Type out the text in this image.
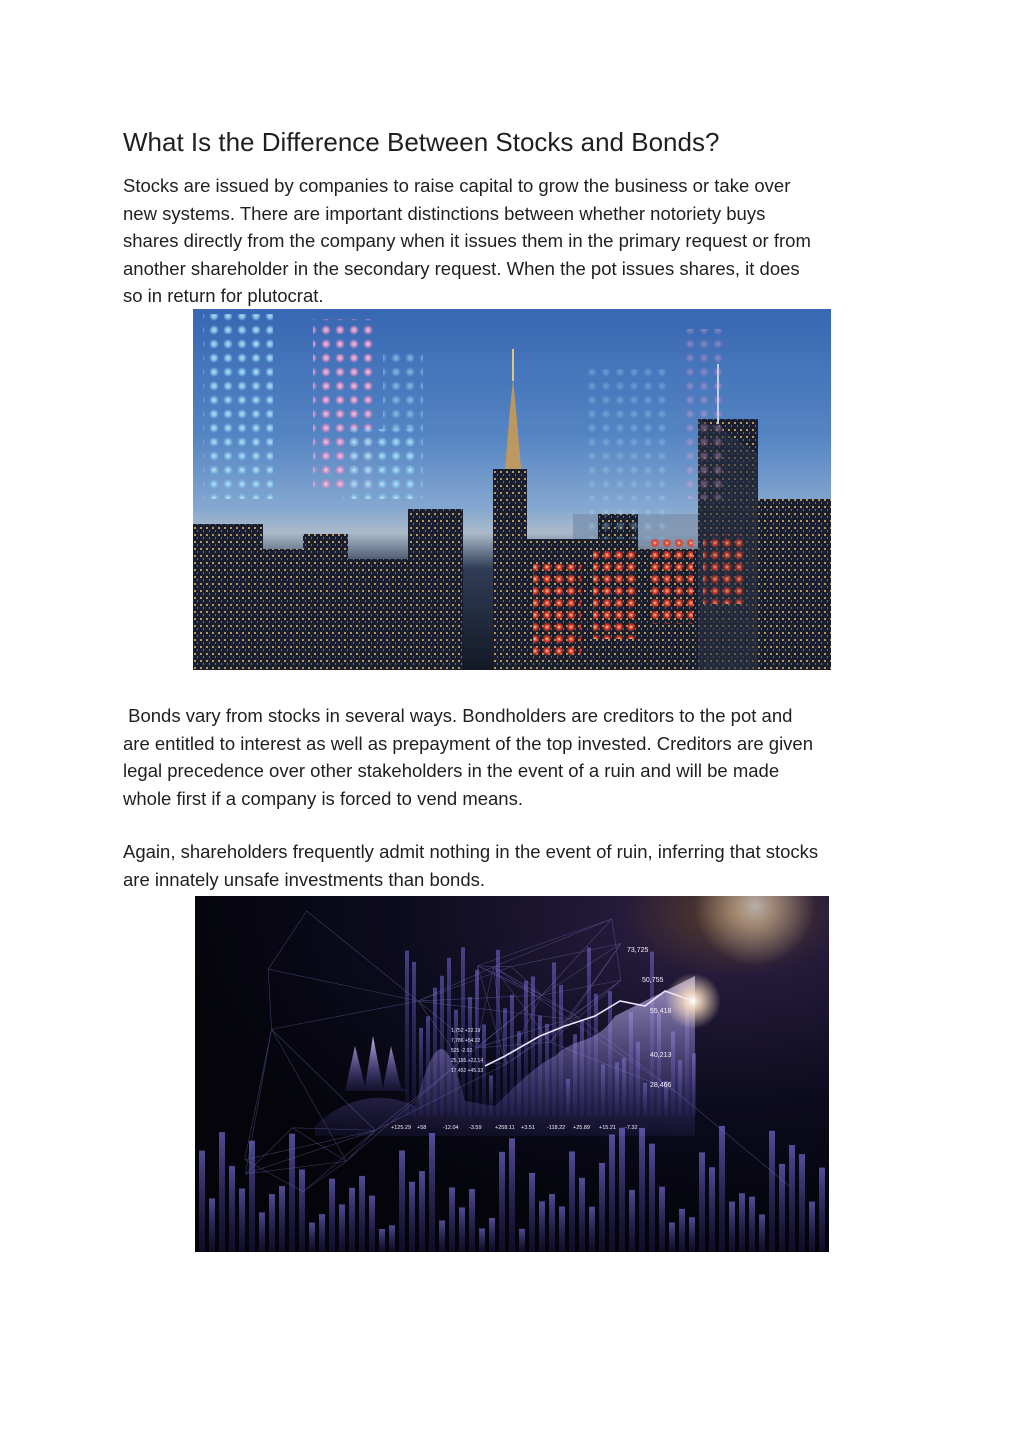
What Is the Difference Between Stocks and Bonds?

Stocks are issued by companies to raise capital to grow the business or take over
new systems. There are important distinctions between whether notoriety buys
shares directly from the company when it issues them in the primary request or from
another shareholder in the secondary request. When the pot issues shares, it does
so in return for plutocrat.

Bonds vary from stocks in several ways. Bondholders are creditors to the pot and
are entitled to interest as well as prepayment of the top invested. Creditors are given
legal precedence over other stakeholders in the event of a ruin and will be made
whole first if a company is forced to vend means.

Again, shareholders frequently admit nothing in the event of ruin, inferring that stocks
are innately unsafe investments than bonds.

73,725
50,755
55,418
40,213
28,466
1,752 +22.19
7,786 +54.22
525 -2.92
25,155 +22.14
17,452 +45.33
+125.29 +58	-12.04 -3.59 +258.11 +3.51 -118.22 +25.89 +15.21 -7.32
